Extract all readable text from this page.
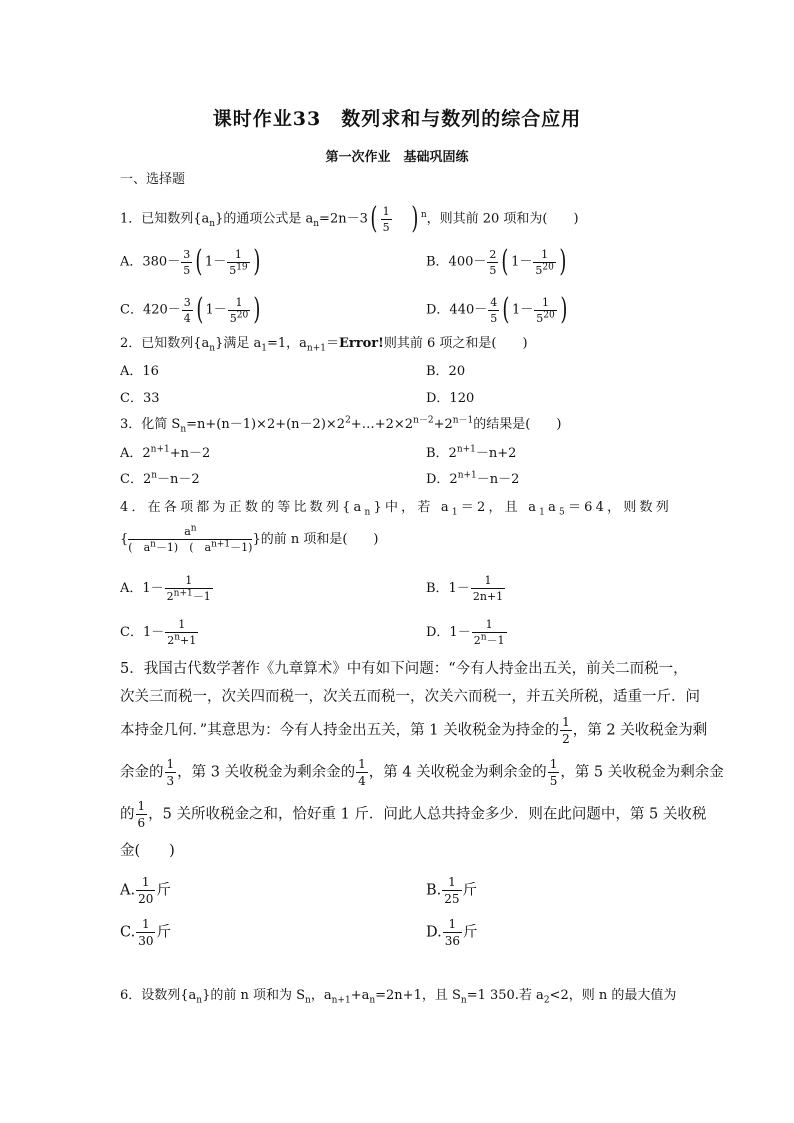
课时作业33　数列求和与数列的综合应用
第一次作业　基础巩固练
一、选择题
1．已知数列$\{a_n\}$的通项公式是 $a_n=2n-3( \frac{1}{5}$ ) $^n$，则其前 20 项和为(　　)
A．$380- \frac{3}{5}$ ( $1- \frac{1}{5^{19}}$ )	B．$400- \frac{2}{5}$ ( $1- \frac{1}{5^{20}}$ )
C．$420- \frac{3}{4}$ ( $1- \frac{1}{5^{20}}$ )	D．$440- \frac{4}{5}$ ( $1- \frac{1}{5^{20}}$ )
2．已知数列$\{a_n\}$满足 $a_1=1$，$a_{n+1}=Error$!则其前 6 项之和是(　　)
A．16	B．20
C．33	D．120
3．化简 $S_n=n+(n-1)\times 2+(n-2)\times 2^2+\dots+2\times 2^{n-2}+2^{n-1}$的结果是(　　)
A．$2^{n+1}+n-2$	B．$2^{n+1}-n+2$
C．$2^n-n-2$	D．$2^{n+1}-n-2$
4．在各项都为正数的等比数列$\{a_n\}$中，若 $a_1=2$，且 $a_1a_5=64$，则数列
{ $\frac{a^n}{( a^n-1) ( a^{n+1}-1)}$ }的前 n 项和是(　　)
A．$1- \frac{1}{2^{n+1}-1}$	B．$1- \frac{1}{2n+1}$
C．$1- \frac{1}{2^n+1}$	D．$1- \frac{1}{2^n-1}$
5．我国古代数学著作《九章算术》中有如下问题：“今有人持金出五关，前关二而税一，
次关三而税一，次关四而税一，次关五而税一，次关六而税一，并五关所税，适重一斤．问
本持金几何．”其意思为：今有人持金出五关，第 1 关收税金为持金的 $\frac{1}{2}$ ，第 2 关收税金为剩
余金的 $\frac{1}{3}$ ，第 3 关收税金为剩余金的 $\frac{1}{4}$ ，第 4 关收税金为剩余金的 $\frac{1}{5}$ ，第 5 关收税金为剩余金
的 $\frac{1}{6}$ ，5 关所收税金之和，恰好重 1 斤．问此人总共持金多少．则在此问题中，第 5 关收税
金(　　)
A. $\frac{1}{20}$ 斤	B. $\frac{1}{25}$ 斤
C. $\frac{1}{30}$ 斤	D. $\frac{1}{36}$ 斤
6．设数列$\{a_n\}$的前 n 项和为 $S_n$，$a_{n+1}+a_n=2n+1$，且 $S_n=1$ 350.若 $a_2<2$，则 n 的最大值为
